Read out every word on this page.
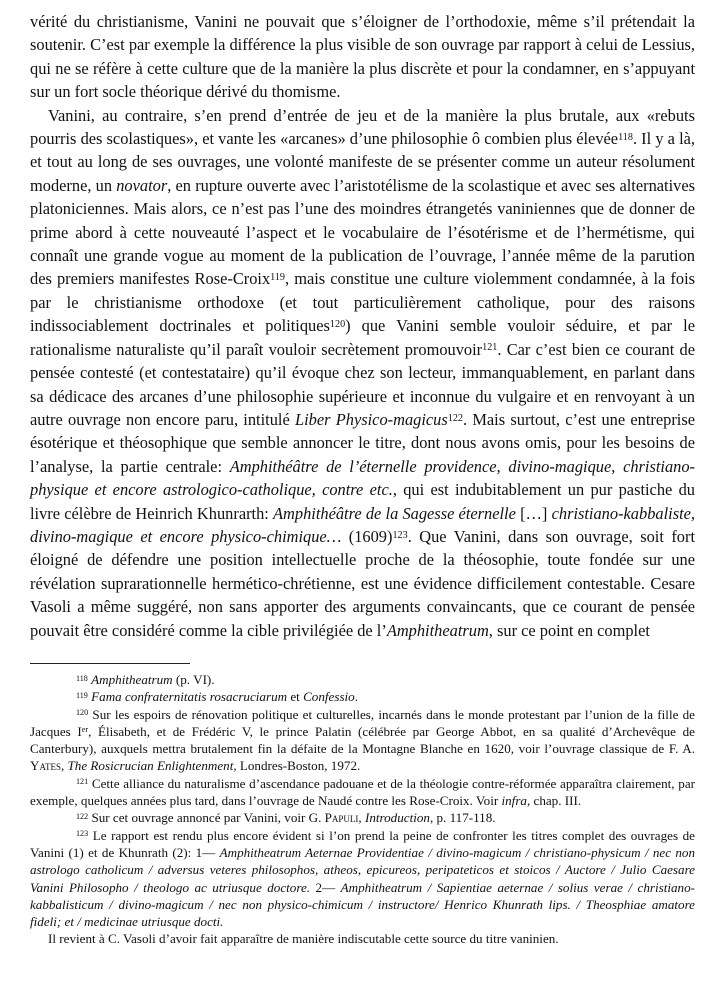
vérité du christianisme, Vanini ne pouvait que s’éloigner de l’orthodoxie, même s’il prétendait la soutenir. C’est par exemple la différence la plus visible de son ouvrage par rapport à celui de Lessius, qui ne se réfère à cette culture que de la manière la plus discrète et pour la condamner, en s’appuyant sur un fort socle théorique dérivé du thomisme.

Vanini, au contraire, s’en prend d’entrée de jeu et de la manière la plus brutale, aux «rebuts pourris des scolastiques», et vante les «arcanes» d’une philosophie ô combien plus élevée$^{118}$. Il y a là, et tout au long de ses ouvrages, une volonté manifeste de se présenter comme un auteur résolument moderne, un novator, en rupture ouverte avec l’aristotélisme de la scolastique et avec ses alternatives platoniciennes. Mais alors, ce n’est pas l’une des moindres étrangetés vaniniennes que de donner de prime abord à cette nouveauté l’aspect et le vocabulaire de l’ésotérisme et de l’hermétisme, qui connaît une grande vogue au moment de la publication de l’ouvrage, l’année même de la parution des premiers manifestes Rose-Croix$^{119}$, mais constitue une culture violemment condamnée, à la fois par le christianisme orthodoxe (et tout particulièrement catholique, pour des raisons indissociablement doctrinales et politiques$^{120}$) que Vanini semble vouloir séduire, et par le rationalisme naturaliste qu’il paraît vouloir secrètement promouvoir$^{121}$. Car c’est bien ce courant de pensée contesté (et contestataire) qu’il évoque chez son lecteur, immanquablement, en parlant dans sa dédicace des arcanes d’une philosophie supérieure et inconnue du vulgaire et en renvoyant à un autre ouvrage non encore paru, intitulé Liber Physico-magicus$^{122}$. Mais surtout, c’est une entreprise ésotérique et théosophique que semble annoncer le titre, dont nous avons omis, pour les besoins de l’analyse, la partie centrale: Amphithéâtre de l’éternelle providence, divino-magique, christiano-physique et encore astrologico-catholique, contre etc., qui est indubitablement un pur pastiche du livre célèbre de Heinrich Khunrarth: Amphithéâtre de la Sagesse éternelle […] christiano-kabbaliste, divino-magique et encore physico-chimique… $(1609)^{123}$. Que Vanini, dans son ouvrage, soit fort éloigné de défendre une position intellectuelle proche de la théosophie, toute fondée sur une révélation suprarationnelle hermético-chrétienne, est une évidence difficilement contestable. Cesare Vasoli a même suggéré, non sans apporter des arguments convaincants, que ce courant de pensée pouvait être considéré comme la cible privilégiée de l’Amphitheatrum, sur ce point en complet

$^{118}$ Amphitheatrum (p. VI).

$^{119}$ Fama confraternitatis rosacruciarum et Confessio.

$^{120}$ Sur les espoirs de rénovation politique et culturelles, incarnés dans le monde protestant par l’union de la fille de Jacques Ier, Élisabeth, et de Frédéric V, le prince Palatin (célébrée par George Abbot, en sa qualité d’Archevêque de Canterbury), auxquels mettra brutalement fin la défaite de la Montagne Blanche en 1620, voir l’ouvrage classique de F. A. Yates, The Rosicrucian Enlightenment, Londres-Boston, 1972.

$^{121}$ Cette alliance du naturalisme d’ascendance padouane et de la théologie contre-réformée apparaîtra clairement, par exemple, quelques années plus tard, dans l’ouvrage de Naudé contre les Rose-Croix. Voir infra, chap. III.

$^{122}$ Sur cet ouvrage annoncé par Vanini, voir G. Papuli, Introduction, p. 117-118.

$^{123}$ Le rapport est rendu plus encore évident si l’on prend la peine de confronter les titres complet des ouvrages de Vanini (1) et de Khunrath (2): 1— Amphitheatrum Aeternae Providentiae / divino-magicum / christiano-physicum / nec non astrologo catholicum / adversus veteres philosophos, atheos, epicureos, peripateticos et stoicos / Auctore / Julio Caesare Vanini Philosopho / theologo ac utriusque doctore. 2— Amphitheatrum / Sapientiae aeternae / solius verae / christiano-kabbalisticum / divino-magicum / nec non physico-chimicum / instructore/ Henrico Khunrath lips. / Theosphiae amatore fideli; et / medicinae utriusque docti.

Il revient à C. Vasoli d’avoir fait apparaître de manière indiscutable cette source du titre vaninien.
